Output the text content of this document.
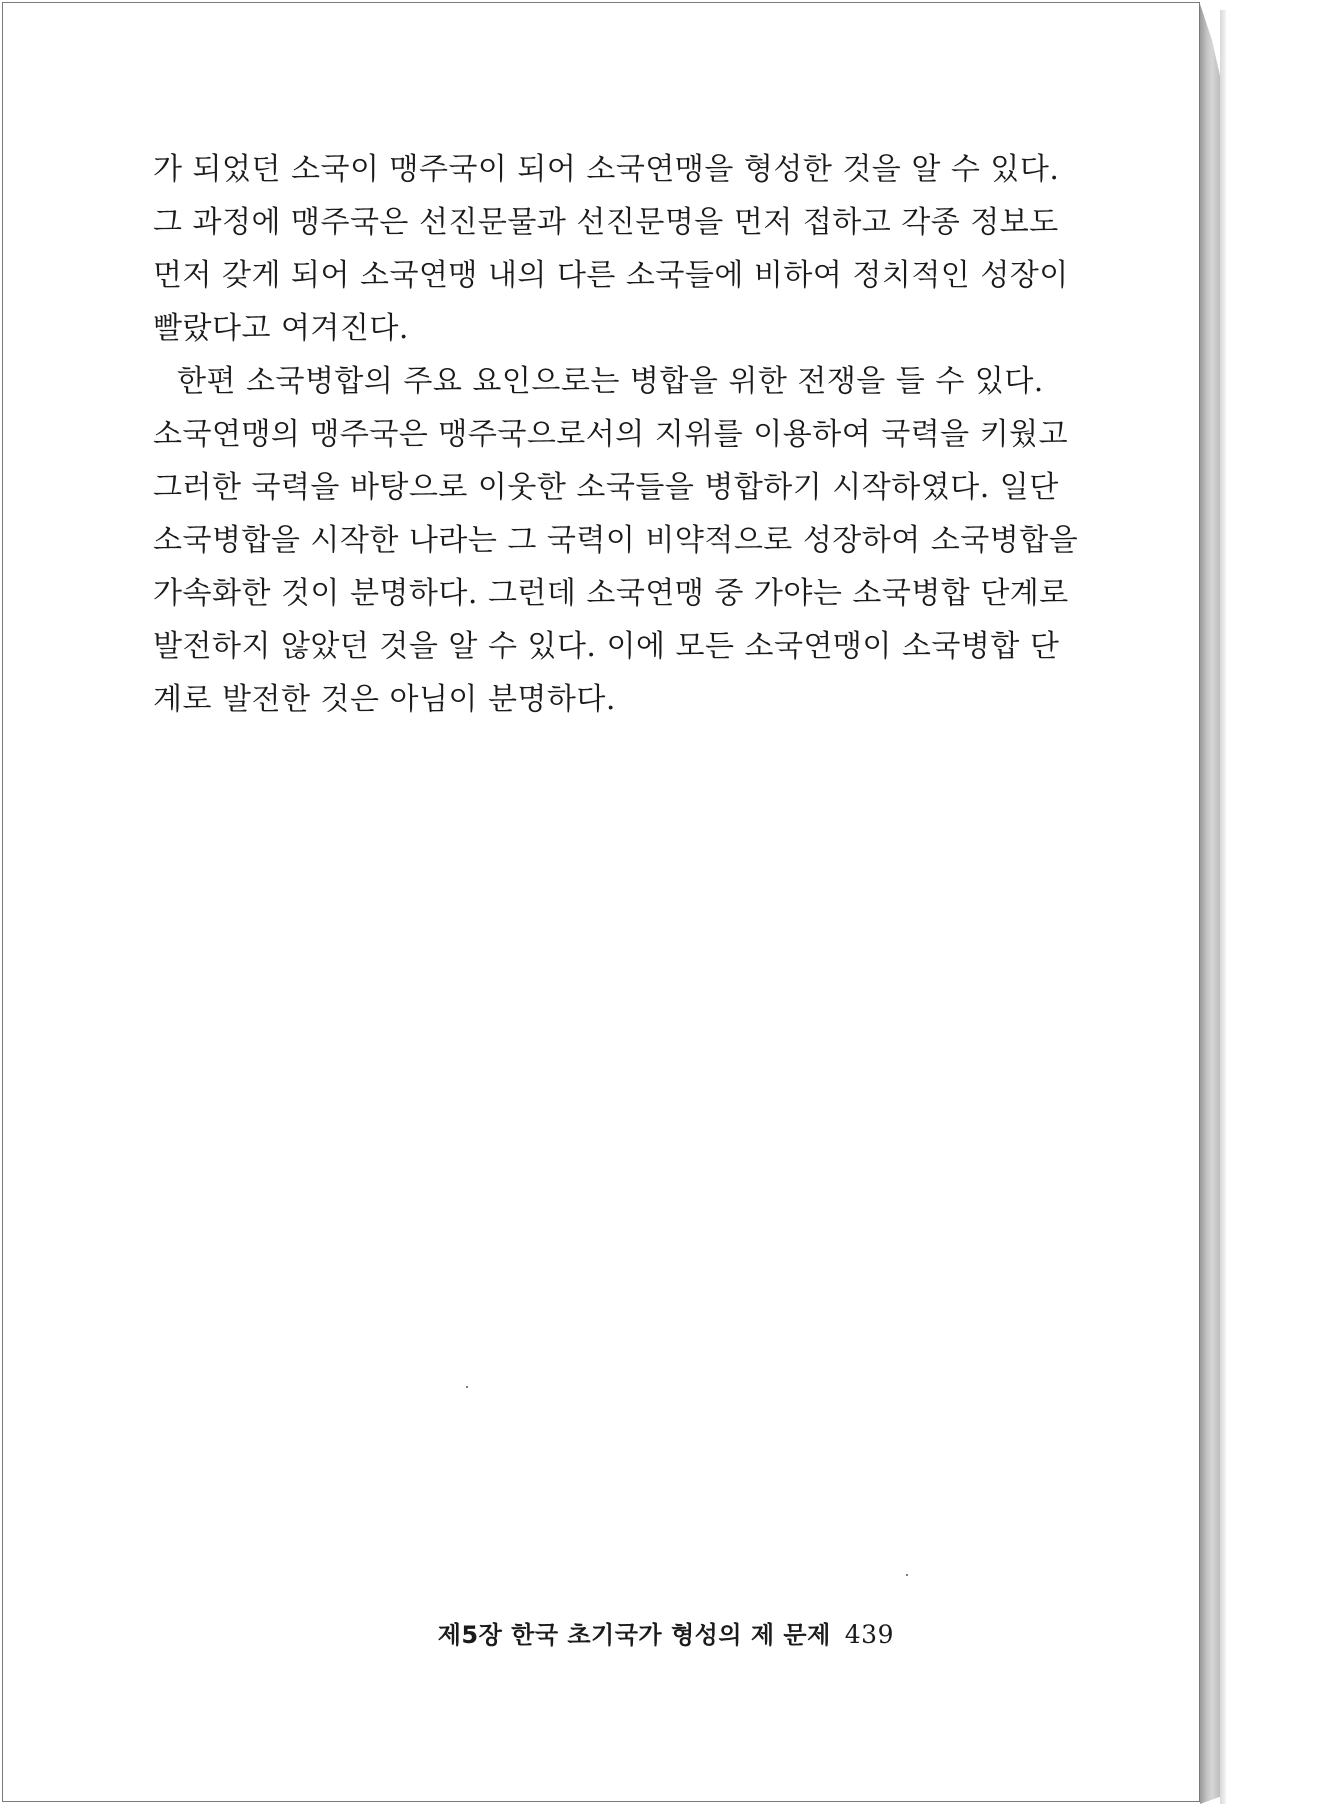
가 되었던 소국이 맹주국이 되어 소국연맹을 형성한 것을 알 수 있다.
그 과정에 맹주국은 선진문물과 선진문명을 먼저 접하고 각종 정보도
먼저 갖게 되어 소국연맹 내의 다른 소국들에 비하여 정치적인 성장이
빨랐다고 여겨진다.
한편 소국병합의 주요 요인으로는 병합을 위한 전쟁을 들 수 있다.
소국연맹의 맹주국은 맹주국으로서의 지위를 이용하여 국력을 키웠고
그러한 국력을 바탕으로 이웃한 소국들을 병합하기 시작하였다. 일단
소국병합을 시작한 나라는 그 국력이 비약적으로 성장하여 소국병합을
가속화한 것이 분명하다. 그런데 소국연맹 중 가야는 소국병합 단계로
발전하지 않았던 것을 알 수 있다. 이에 모든 소국연맹이 소국병합 단
계로 발전한 것은 아님이 분명하다.
제5장 한국 초기국가 형성의 제 문제 439
